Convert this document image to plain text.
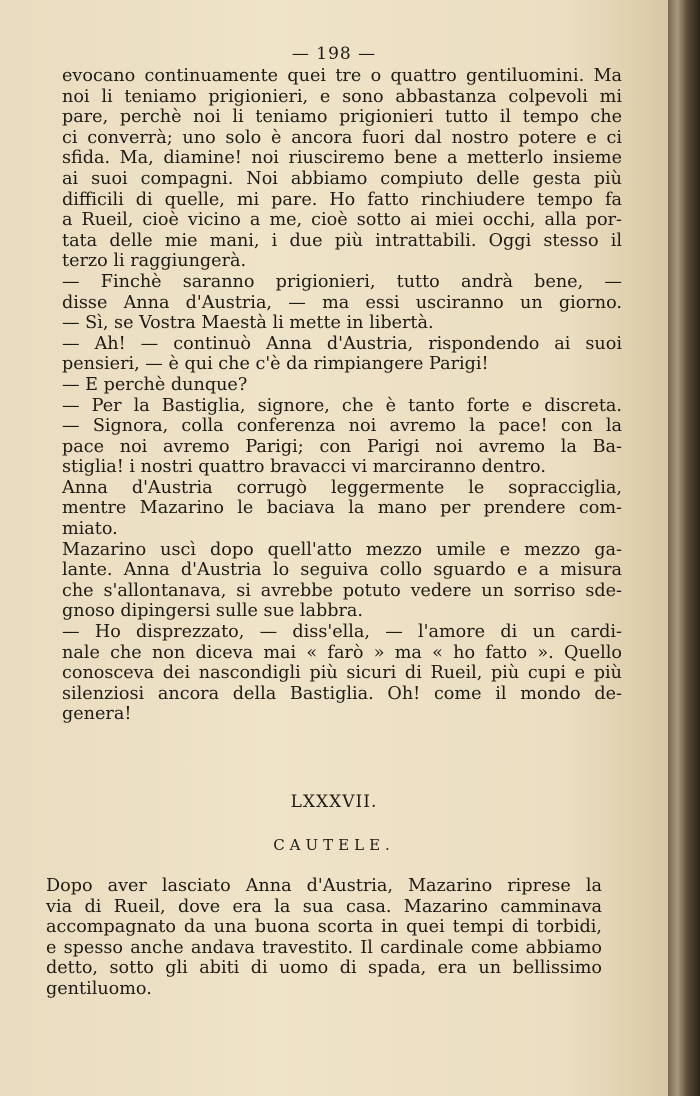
— 198 —
evocano continuamente quei tre o quattro gentiluomini. Ma
noi li teniamo prigionieri, e sono abbastanza colpevoli mi
pare, perchè noi li teniamo prigionieri tutto il tempo che
ci converrà; uno solo è ancora fuori dal nostro potere e ci
sfida. Ma, diamine! noi riusciremo bene a metterlo insieme
ai suoi compagni. Noi abbiamo compiuto delle gesta più
difficili di quelle, mi pare. Ho fatto rinchiudere tempo fa
a Rueil, cioè vicino a me, cioè sotto ai miei occhi, alla por-
tata delle mie mani, i due più intrattabili. Oggi stesso il
terzo li raggiungerà.
— Finchè saranno prigionieri, tutto andrà bene, —
disse Anna d'Austria, — ma essi usciranno un giorno.
— Sì, se Vostra Maestà li mette in libertà.
— Ah! — continuò Anna d'Austria, rispondendo ai suoi
pensieri, — è qui che c'è da rimpiangere Parigi!
— E perchè dunque?
— Per la Bastiglia, signore, che è tanto forte e discreta.
— Signora, colla conferenza noi avremo la pace! con la
pace noi avremo Parigi; con Parigi noi avremo la Ba-
stiglia! i nostri quattro bravacci vi marciranno dentro.
Anna d'Austria corrugò leggermente le sopracciglia,
mentre Mazarino le baciava la mano per prendere com-
miato.
Mazarino uscì dopo quell'atto mezzo umile e mezzo ga-
lante. Anna d'Austria lo seguiva collo sguardo e a misura
che s'allontanava, si avrebbe potuto vedere un sorriso sde-
gnoso dipingersi sulle sue labbra.
— Ho disprezzato, — diss'ella, — l'amore di un cardi-
nale che non diceva mai « farò » ma « ho fatto ». Quello
conosceva dei nascondigli più sicuri di Rueil, più cupi e più
silenziosi ancora della Bastiglia. Oh! come il mondo de-
genera!
LXXXVII.
CAUTELE.
Dopo aver lasciato Anna d'Austria, Mazarino riprese la
via di Rueil, dove era la sua casa. Mazarino camminava
accompagnato da una buona scorta in quei tempi di torbidi,
e spesso anche andava travestito. Il cardinale come abbiamo
detto, sotto gli abiti di uomo di spada, era un bellissimo
gentiluomo.
